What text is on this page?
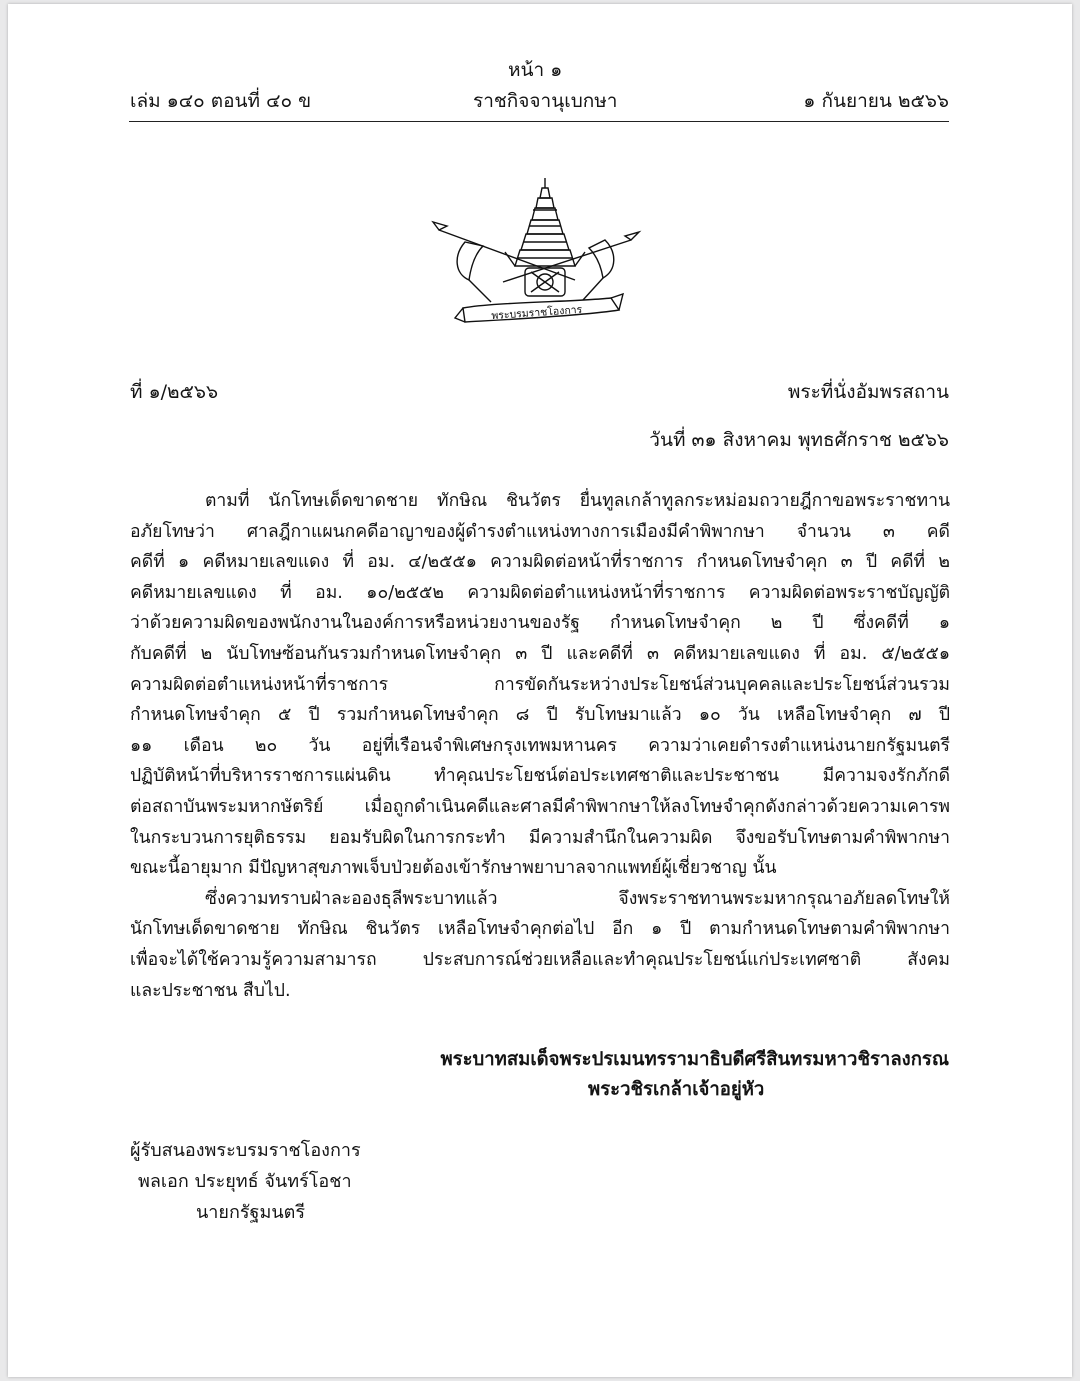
หน้า ๑
เล่ม ๑๔๐ ตอนที่ ๔๐ ข	ราชกิจจานุเบกษา	๑ กันยายน ๒๕๖๖
พระบรมราชโองการ
ที่ ๑/๒๕๖๖	พระที่นั่งอัมพรสถาน
วันที่ ๓๑ สิงหาคม พุทธศักราช ๒๕๖๖
ตามที่ นักโทษเด็ดขาดชาย ทักษิณ ชินวัตร ยื่นทูลเกล้าทูลกระหม่อมถวายฎีกาขอพระราชทาน
อภัยโทษว่า ศาลฎีกาแผนกคดีอาญาของผู้ดำรงตำแหน่งทางการเมืองมีคำพิพากษา จำนวน ๓ คดี
คดีที่ ๑ คดีหมายเลขแดง ที่ อม. ๔/๒๕๕๑ ความผิดต่อหน้าที่ราชการ กำหนดโทษจำคุก ๓ ปี คดีที่ ๒
คดีหมายเลขแดง ที่ อม. ๑๐/๒๕๕๒ ความผิดต่อตำแหน่งหน้าที่ราชการ ความผิดต่อพระราชบัญญัติ
ว่าด้วยความผิดของพนักงานในองค์การหรือหน่วยงานของรัฐ กำหนดโทษจำคุก ๒ ปี ซึ่งคดีที่ ๑
กับคดีที่ ๒ นับโทษซ้อนกันรวมกำหนดโทษจำคุก ๓ ปี และคดีที่ ๓ คดีหมายเลขแดง ที่ อม. ๕/๒๕๕๑
ความผิดต่อตำแหน่งหน้าที่ราชการ การขัดกันระหว่างประโยชน์ส่วนบุคคลและประโยชน์ส่วนรวม
กำหนดโทษจำคุก ๕ ปี รวมกำหนดโทษจำคุก ๘ ปี รับโทษมาแล้ว ๑๐ วัน เหลือโทษจำคุก ๗ ปี
๑๑ เดือน ๒๐ วัน อยู่ที่เรือนจำพิเศษกรุงเทพมหานคร ความว่าเคยดำรงตำแหน่งนายกรัฐมนตรี
ปฏิบัติหน้าที่บริหารราชการแผ่นดิน ทำคุณประโยชน์ต่อประเทศชาติและประชาชน มีความจงรักภักดี
ต่อสถาบันพระมหากษัตริย์ เมื่อถูกดำเนินคดีและศาลมีคำพิพากษาให้ลงโทษจำคุกดังกล่าวด้วยความเคารพ
ในกระบวนการยุติธรรม ยอมรับผิดในการกระทำ มีความสำนึกในความผิด จึงขอรับโทษตามคำพิพากษา
ขณะนี้อายุมาก มีปัญหาสุขภาพเจ็บป่วยต้องเข้ารักษาพยาบาลจากแพทย์ผู้เชี่ยวชาญ นั้น
ซึ่งความทราบฝ่าละอองธุลีพระบาทแล้ว จึงพระราชทานพระมหากรุณาอภัยลดโทษให้
นักโทษเด็ดขาดชาย ทักษิณ ชินวัตร เหลือโทษจำคุกต่อไป อีก ๑ ปี ตามกำหนดโทษตามคำพิพากษา
เพื่อจะได้ใช้ความรู้ความสามารถ ประสบการณ์ช่วยเหลือและทำคุณประโยชน์แก่ประเทศชาติ สังคม
และประชาชน สืบไป.
พระบาทสมเด็จพระปรเมนทรรามาธิบดีศรีสินทรมหาวชิราลงกรณ
พระวชิรเกล้าเจ้าอยู่หัว
ผู้รับสนองพระบรมราชโองการ
พลเอก ประยุทธ์ จันทร์โอชา
นายกรัฐมนตรี
